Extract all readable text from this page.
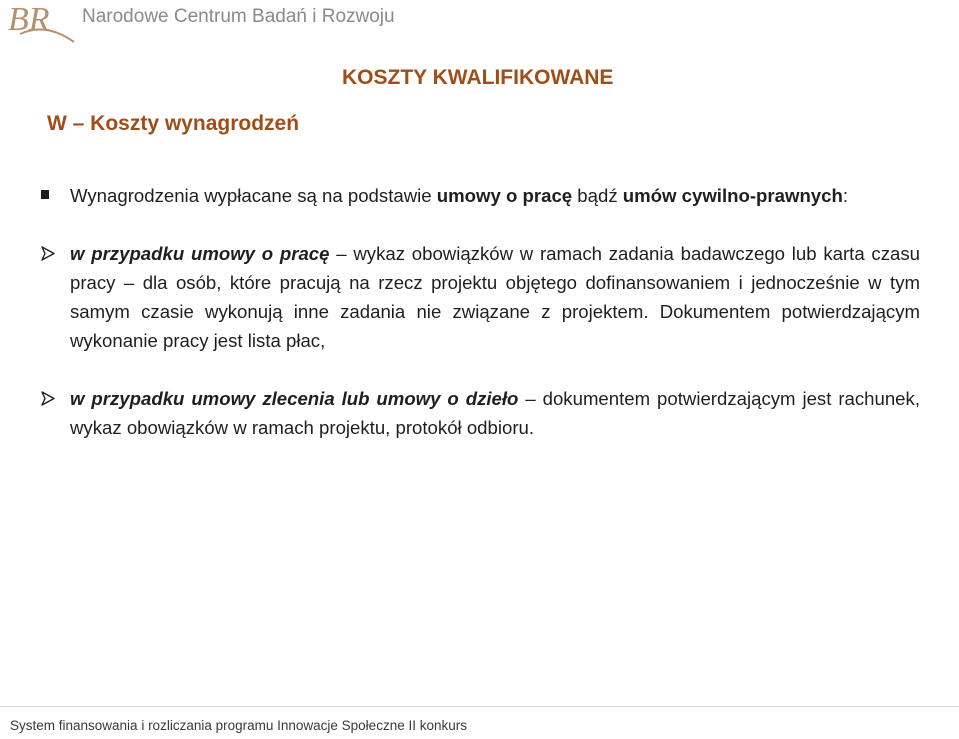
BR Narodowe Centrum Badań i Rozwoju
KOSZTY KWALIFIKOWANE
W – Koszty wynagrodzeń
Wynagrodzenia wypłacane są na podstawie umowy o pracę bądź umów cywilno-prawnych:
w przypadku umowy o pracę – wykaz obowiązków w ramach zadania badawczego lub karta czasu pracy – dla osób, które pracują na rzecz projektu objętego dofinansowaniem i jednocześnie w tym samym czasie wykonują inne zadania nie związane z projektem. Dokumentem potwierdzającym wykonanie pracy jest lista płac,
w przypadku umowy zlecenia lub umowy o dzieło – dokumentem potwierdzającym jest rachunek, wykaz obowiązków w ramach projektu, protokół odbioru.
System finansowania i rozliczania programu Innowacje Społeczne II konkurs
